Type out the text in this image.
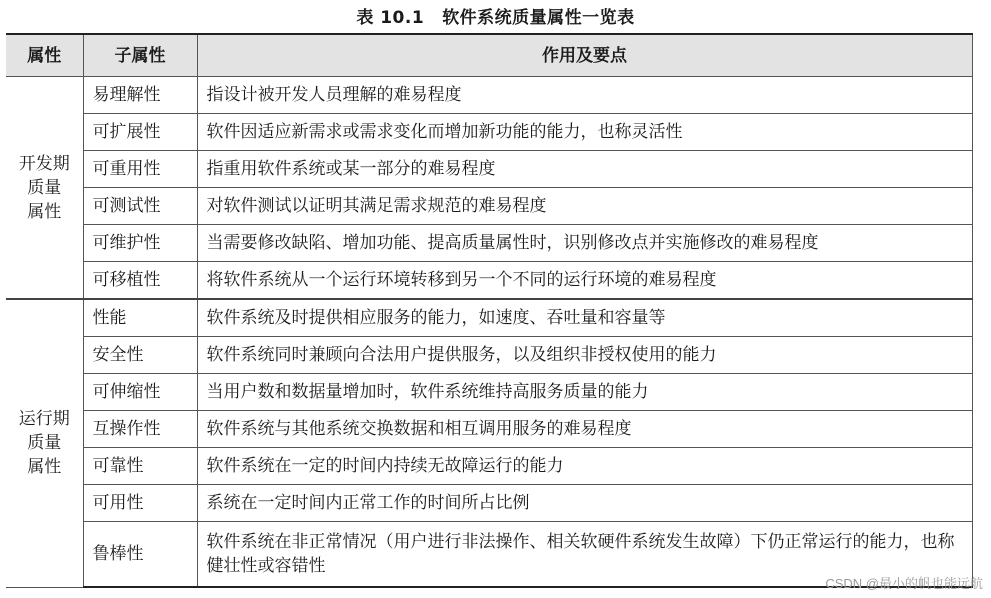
表 10.1 软件系统质量属性一览表
属性	子属性	作用及要点

开发期
质量
属性	易理解性	指设计被开发人员理解的难易程度
	可扩展性	软件因适应新需求或需求变化而增加新功能的能力，也称灵活性
	可重用性	指重用软件系统或某一部分的难易程度
	可测试性	对软件测试以证明其满足需求规范的难易程度
	可维护性	当需要修改缺陷、增加功能、提高质量属性时，识别修改点并实施修改的难易程度
	可移植性	将软件系统从一个运行环境转移到另一个不同的运行环境的难易程度

运行期
质量
属性	性能	软件系统及时提供相应服务的能力，如速度、吞吐量和容量等
	安全性	软件系统同时兼顾向合法用户提供服务，以及组织非授权使用的能力
	可伸缩性	当用户数和数据量增加时，软件系统维持高服务质量的能力
	互操作性	软件系统与其他系统交换数据和相互调用服务的难易程度
	可靠性	软件系统在一定的时间内持续无故障运行的能力
	可用性	系统在一定时间内正常工作的时间所占比例
	鲁棒性	软件系统在非正常情况（用户进行非法操作、相关软硬件系统发生故障）下仍正常运行的能力，也称健壮性或容错性
CSDN @最小的帆也能远航
